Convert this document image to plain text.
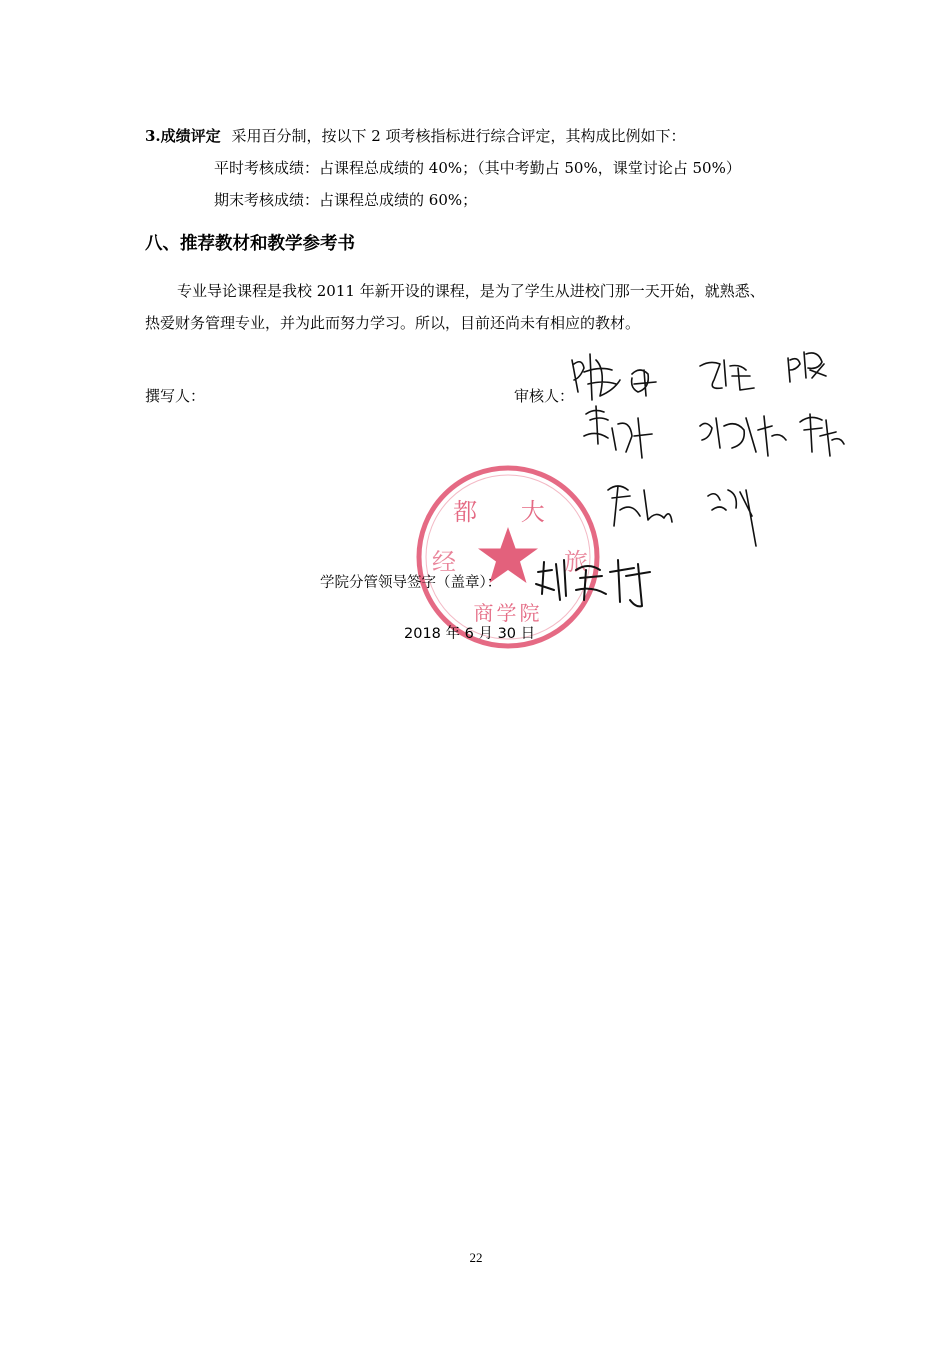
3.成绩评定 采用百分制，按以下 2 项考核指标进行综合评定，其构成比例如下：
平时考核成绩：占课程总成绩的 40%；（其中考勤占 50%，课堂讨论占 50%）
期末考核成绩：占课程总成绩的 60%；
八、推荐教材和教学参考书
专业导论课程是我校 2011 年新开设的课程，是为了学生从进校门那一天开始，就熟悉、
热爱财务管理专业，并为此而努力学习。所以，目前还尚未有相应的教材。
撰写人：	审核人：
都 大
经	旅
商学院
学院分管领导签字（盖章）：
2018 年 6 月 30 日
22
